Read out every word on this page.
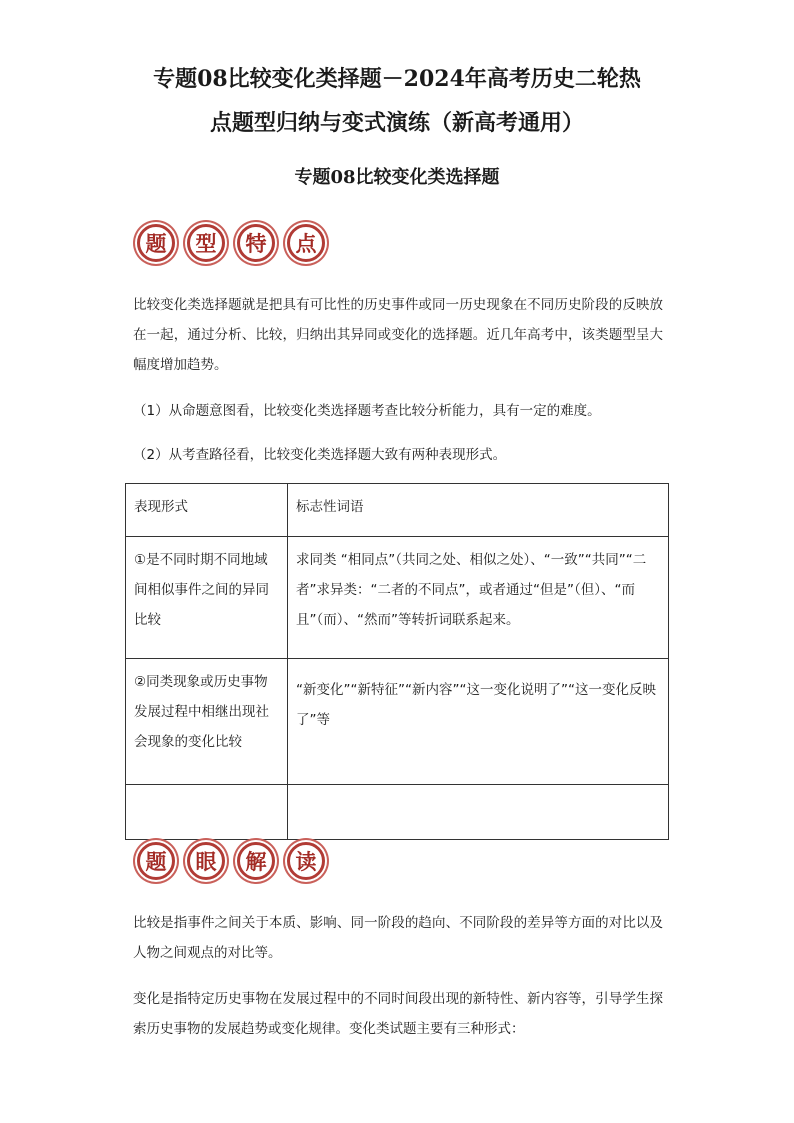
专题08比较变化类择题－2024年高考历史二轮热
点题型归纳与变式演练（新高考通用）
专题08比较变化类选择题
题	型	特	点

比较变化类选择题就是把具有可比性的历史事件或同一历史现象在不同历史阶段的反映放在一起，通过分析、比较，归纳出其异同或变化的选择题。近几年高考中，该类题型呈大幅度增加趋势。

（1）从命题意图看，比较变化类选择题考查比较分析能力，具有一定的难度。

（2）从考查路径看，比较变化类选择题大致有两种表现形式。

表现形式	标志性词语
①是不同时期不同地域间相似事件之间的异同比较	求同类 “相同点”（共同之处、相似之处）、“一致”“共同”“二者”求异类：“二者的不同点”，或者通过“但是”（但）、“而且”（而）、“然而”等转折词联系起来。
②同类现象或历史事物发展过程中相继出现社会现象的变化比较	“新变化”“新特征”“新内容”“这一变化说明了”“这一变化反映了”等

题	眼	解	读

比较是指事件之间关于本质、影响、同一阶段的趋向、不同阶段的差异等方面的对比以及人物之间观点的对比等。

变化是指特定历史事物在发展过程中的不同时间段出现的新特性、新内容等，引导学生探索历史事物的发展趋势或变化规律。变化类试题主要有三种形式：
